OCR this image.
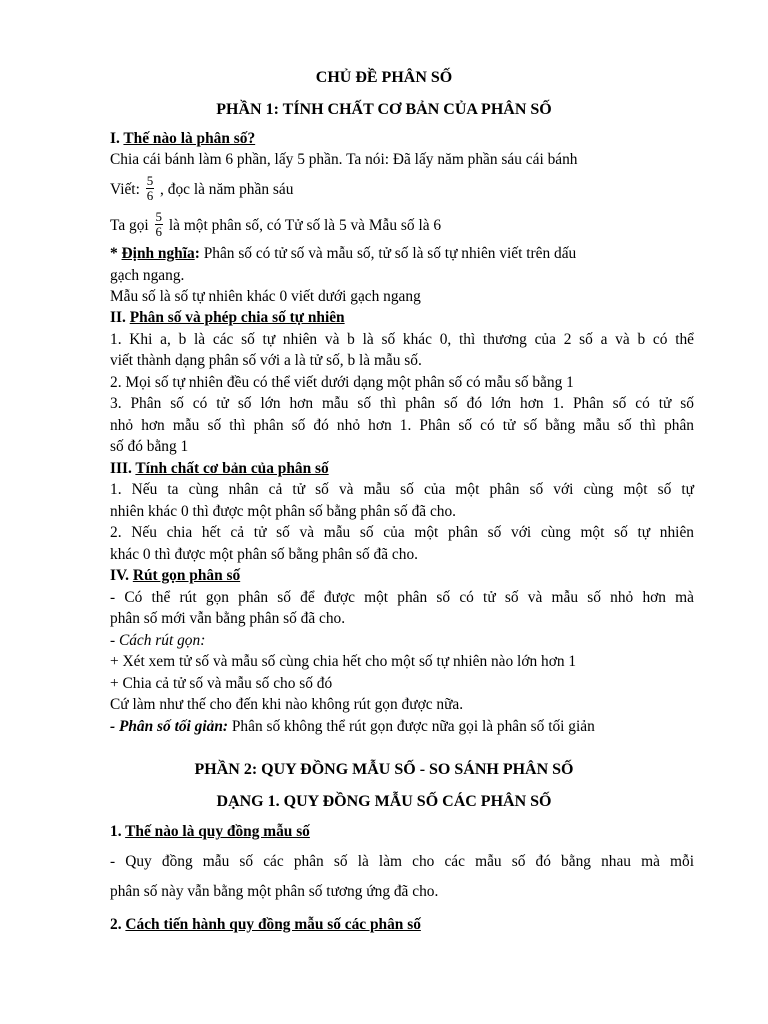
CHỦ ĐỀ PHÂN SỐ
PHẦN 1: TÍNH CHẤT CƠ BẢN CỦA PHÂN SỐ
I. Thế nào là phân số?
Chia cái bánh làm 6 phần, lấy 5 phần. Ta nói: Đã lấy năm phần sáu cái bánh
Viết: $\frac{5}{6}$ , đọc là năm phần sáu
Ta gọi $\frac{5}{6}$ là một phân số, có Tử số là 5 và Mẫu số là 6
* Định nghĩa: Phân số có tử số và mẫu số, tử số là số tự nhiên viết trên dấu
gạch ngang.
Mẫu số là số tự nhiên khác 0 viết dưới gạch ngang
II. Phân số và phép chia số tự nhiên
1. Khi a, b là các số tự nhiên và b là số khác 0, thì thương của 2 số a và b có thể
viết thành dạng phân số với a là tử số, b là mẫu số.
2. Mọi số tự nhiên đều có thể viết dưới dạng một phân số có mẫu số bằng 1
3. Phân số có tử số lớn hơn mẫu số thì phân số đó lớn hơn 1. Phân số có tử số
nhỏ hơn mẫu số thì phân số đó nhỏ hơn 1. Phân số có tử số bằng mẫu số thì phân
số đó bằng 1
III. Tính chất cơ bản của phân số
1. Nếu ta cùng nhân cả tử số và mẫu số của một phân số với cùng một số tự
nhiên khác 0 thì được một phân số bằng phân số đã cho.
2. Nếu chia hết cả tử số và mẫu số của một phân số với cùng một số tự nhiên
khác 0 thì được một phân số bằng phân số đã cho.
IV. Rút gọn phân số
- Có thể rút gọn phân số để được một phân số có tử số và mẫu số nhỏ hơn mà
phân số mới vẫn bằng phân số đã cho.
- Cách rút gọn:
+ Xét xem tử số và mẫu số cùng chia hết cho một số tự nhiên nào lớn hơn 1
+ Chia cả tử số và mẫu số cho số đó
Cứ làm như thế cho đến khi nào không rút gọn được nữa.
- Phân số tối giản: Phân số không thể rút gọn được nữa gọi là phân số tối giản
PHẦN 2: QUY ĐỒNG MẪU SỐ - SO SÁNH PHÂN SỐ
DẠNG 1. QUY ĐỒNG MẪU SỐ CÁC PHÂN SỐ
1. Thế nào là quy đồng mẫu số
- Quy đồng mẫu số các phân số là làm cho các mẫu số đó bằng nhau mà mỗi
phân số này vẫn bằng một phân số tương ứng đã cho.
2. Cách tiến hành quy đồng mẫu số các phân số
